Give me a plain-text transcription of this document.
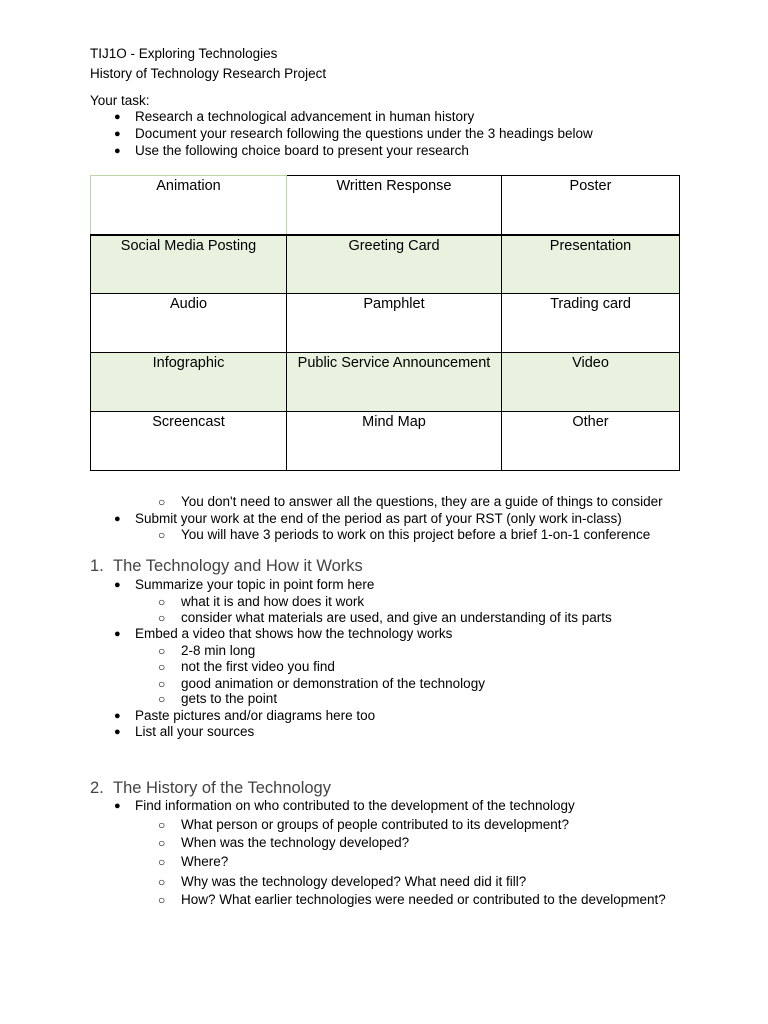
TIJ1O - Exploring Technologies
History of Technology Research Project
Your task:
● Research a technological advancement in human history
● Document your research following the questions under the 3 headings below
● Use the following choice board to present your research
Animation	Written Response	Poster
Social Media Posting	Greeting Card	Presentation
Audio	Pamphlet	Trading card
Infographic	Public Service Announcement	Video
Screencast	Mind Map	Other
○ You don't need to answer all the questions, they are a guide of things to consider
● Submit your work at the end of the period as part of your RST (only work in-class)
○ You will have 3 periods to work on this project before a brief 1-on-1 conference
1. The Technology and How it Works
● Summarize your topic in point form here
○ what it is and how does it work
○ consider what materials are used, and give an understanding of its parts
● Embed a video that shows how the technology works
○ 2-8 min long
○ not the first video you find
○ good animation or demonstration of the technology
○ gets to the point
● Paste pictures and/or diagrams here too
● List all your sources
2. The History of the Technology
● Find information on who contributed to the development of the technology
○ What person or groups of people contributed to its development?
○ When was the technology developed?
○ Where?
○ Why was the technology developed? What need did it fill?
○ How? What earlier technologies were needed or contributed to the development?
